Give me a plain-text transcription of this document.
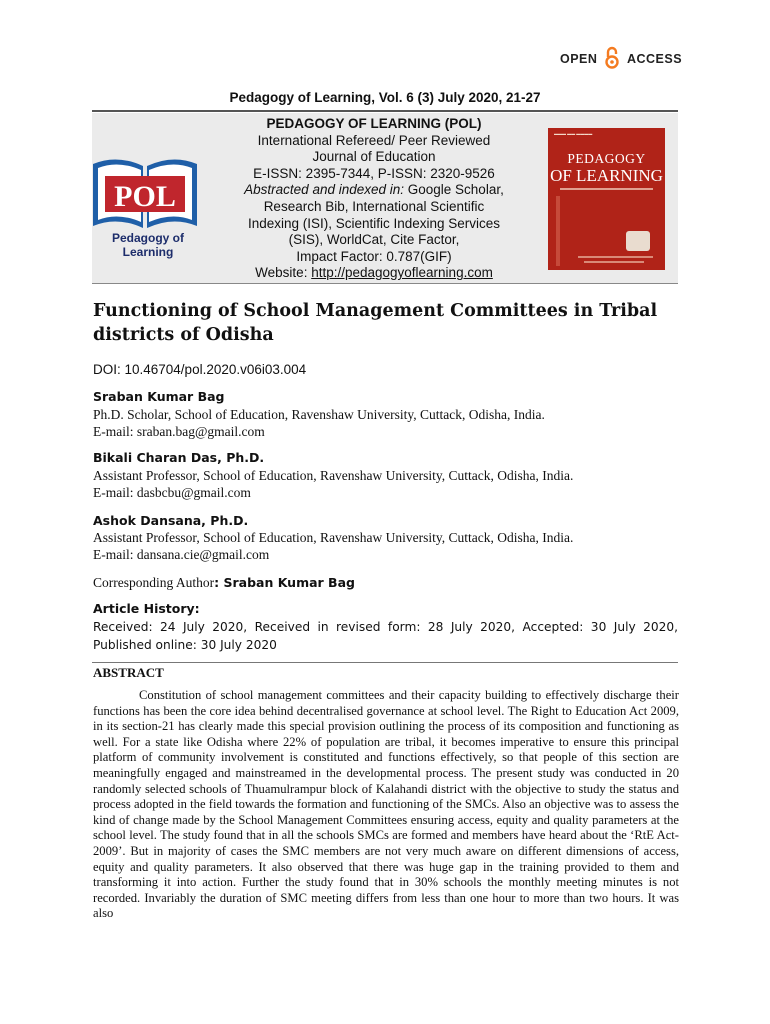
OPEN ACCESS
Pedagogy of Learning, Vol. 6 (3) July 2020, 21-27
POL
Pedagogy of Learning
PEDAGOGY OF LEARNING (POL)
International Refereed/ Peer Reviewed
Journal of Education
E-ISSN: 2395-7344, P-ISSN: 2320-9526
Abstracted and indexed in: Google Scholar,
Research Bib, International Scientific
Indexing (ISI), Scientific Indexing Services
(SIS), WorldCat, Cite Factor,
Impact Factor: 0.787(GIF)
Website: http://pedagogyoflearning.com
▬▬▬ ▬▬ ▬▬▬▬
PEDAGOGY
OF LEARNING
Functioning of School Management Committees in Tribal
districts of Odisha
DOI: 10.46704/pol.2020.v06i03.004
Sraban Kumar Bag
Ph.D. Scholar, School of Education, Ravenshaw University, Cuttack, Odisha, India.
E-mail: sraban.bag@gmail.com
Bikali Charan Das, Ph.D.
Assistant Professor, School of Education, Ravenshaw University, Cuttack, Odisha, India.
E-mail: dasbcbu@gmail.com
Ashok Dansana, Ph.D.
Assistant Professor, School of Education, Ravenshaw University, Cuttack, Odisha, India.
E-mail: dansana.cie@gmail.com
Corresponding Author: Sraban Kumar Bag
Article History:
Received: 24 July 2020, Received in revised form: 28 July 2020, Accepted: 30 July 2020, Published online: 30 July 2020
ABSTRACT
Constitution of school management committees and their capacity building to effectively discharge their functions has been the core idea behind decentralised governance at school level. The Right to Education Act 2009, in its section-21 has clearly made this special provision outlining the process of its composition and functioning as well. For a state like Odisha where 22% of population are tribal, it becomes imperative to ensure this principal platform of community involvement is constituted and functions effectively, so that people of this section are meaningfully engaged and mainstreamed in the developmental process. The present study was conducted in 20 randomly selected schools of Thuamulrampur block of Kalahandi district with the objective to study the status and process adopted in the field towards the formation and functioning of the SMCs. Also an objective was to assess the kind of change made by the School Management Committees ensuring access, equity and quality parameters at the school level. The study found that in all the schools SMCs are formed and members have heard about the ‘RtE Act-2009’. But in majority of cases the SMC members are not very much aware on different dimensions of access, equity and quality parameters. It also observed that there was huge gap in the training provided to them and transforming it into action. Further the study found that in 30% schools the monthly meeting minutes is not recorded. Invariably the duration of SMC meeting differs from less than one hour to more than two hours. It was also
